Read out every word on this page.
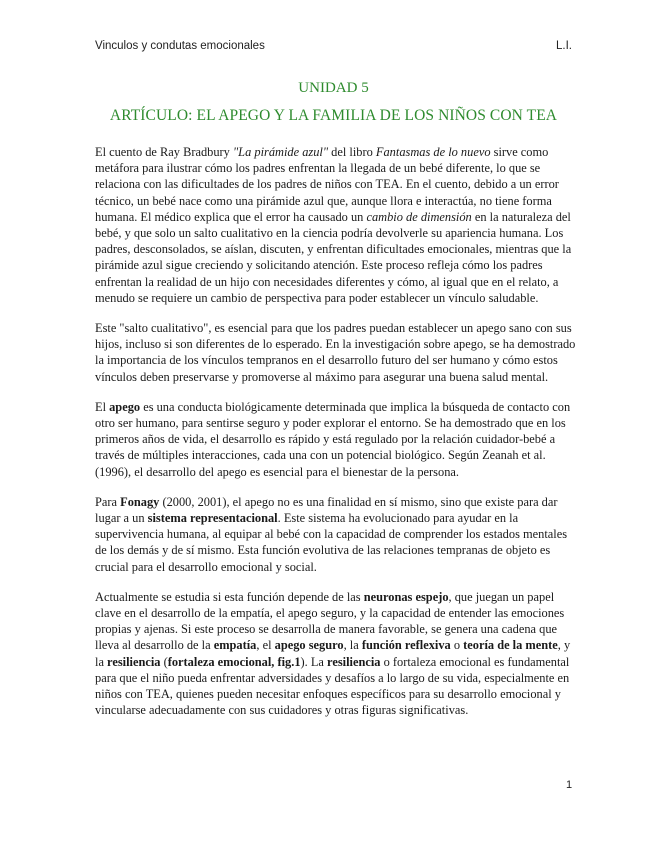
Vinculos y condutas emocionales	L.I.
UNIDAD 5
ARTÍCULO: EL APEGO Y LA FAMILIA DE LOS NIÑOS CON TEA

El cuento de Ray Bradbury "La pirámide azul" del libro Fantasmas de lo nuevo sirve como metáfora para ilustrar cómo los padres enfrentan la llegada de un bebé diferente, lo que se relaciona con las dificultades de los padres de niños con TEA. En el cuento, debido a un error técnico, un bebé nace como una pirámide azul que, aunque llora e interactúa, no tiene forma humana. El médico explica que el error ha causado un cambio de dimensión en la naturaleza del bebé, y que solo un salto cualitativo en la ciencia podría devolverle su apariencia humana. Los padres, desconsolados, se aíslan, discuten, y enfrentan dificultades emocionales, mientras que la pirámide azul sigue creciendo y solicitando atención. Este proceso refleja cómo los padres enfrentan la realidad de un hijo con necesidades diferentes y cómo, al igual que en el relato, a menudo se requiere un cambio de perspectiva para poder establecer un vínculo saludable.

Este "salto cualitativo", es esencial para que los padres puedan establecer un apego sano con sus hijos, incluso si son diferentes de lo esperado. En la investigación sobre apego, se ha demostrado la importancia de los vínculos tempranos en el desarrollo futuro del ser humano y cómo estos vínculos deben preservarse y promoverse al máximo para asegurar una buena salud mental.

El apego es una conducta biológicamente determinada que implica la búsqueda de contacto con otro ser humano, para sentirse seguro y poder explorar el entorno. Se ha demostrado que en los primeros años de vida, el desarrollo es rápido y está regulado por la relación cuidador-bebé a través de múltiples interacciones, cada una con un potencial biológico. Según Zeanah et al. (1996), el desarrollo del apego es esencial para el bienestar de la persona.

Para Fonagy (2000, 2001), el apego no es una finalidad en sí mismo, sino que existe para dar lugar a un sistema representacional. Este sistema ha evolucionado para ayudar en la supervivencia humana, al equipar al bebé con la capacidad de comprender los estados mentales de los demás y de sí mismo. Esta función evolutiva de las relaciones tempranas de objeto es crucial para el desarrollo emocional y social.

Actualmente se estudia si esta función depende de las neuronas espejo, que juegan un papel clave en el desarrollo de la empatía, el apego seguro, y la capacidad de entender las emociones propias y ajenas. Si este proceso se desarrolla de manera favorable, se genera una cadena que lleva al desarrollo de la empatía, el apego seguro, la función reflexiva o teoría de la mente, y la resiliencia (fortaleza emocional, fig.1). La resiliencia o fortaleza emocional es fundamental para que el niño pueda enfrentar adversidades y desafíos a lo largo de su vida, especialmente en niños con TEA, quienes pueden necesitar enfoques específicos para su desarrollo emocional y vincularse adecuadamente con sus cuidadores y otras figuras significativas.

1
